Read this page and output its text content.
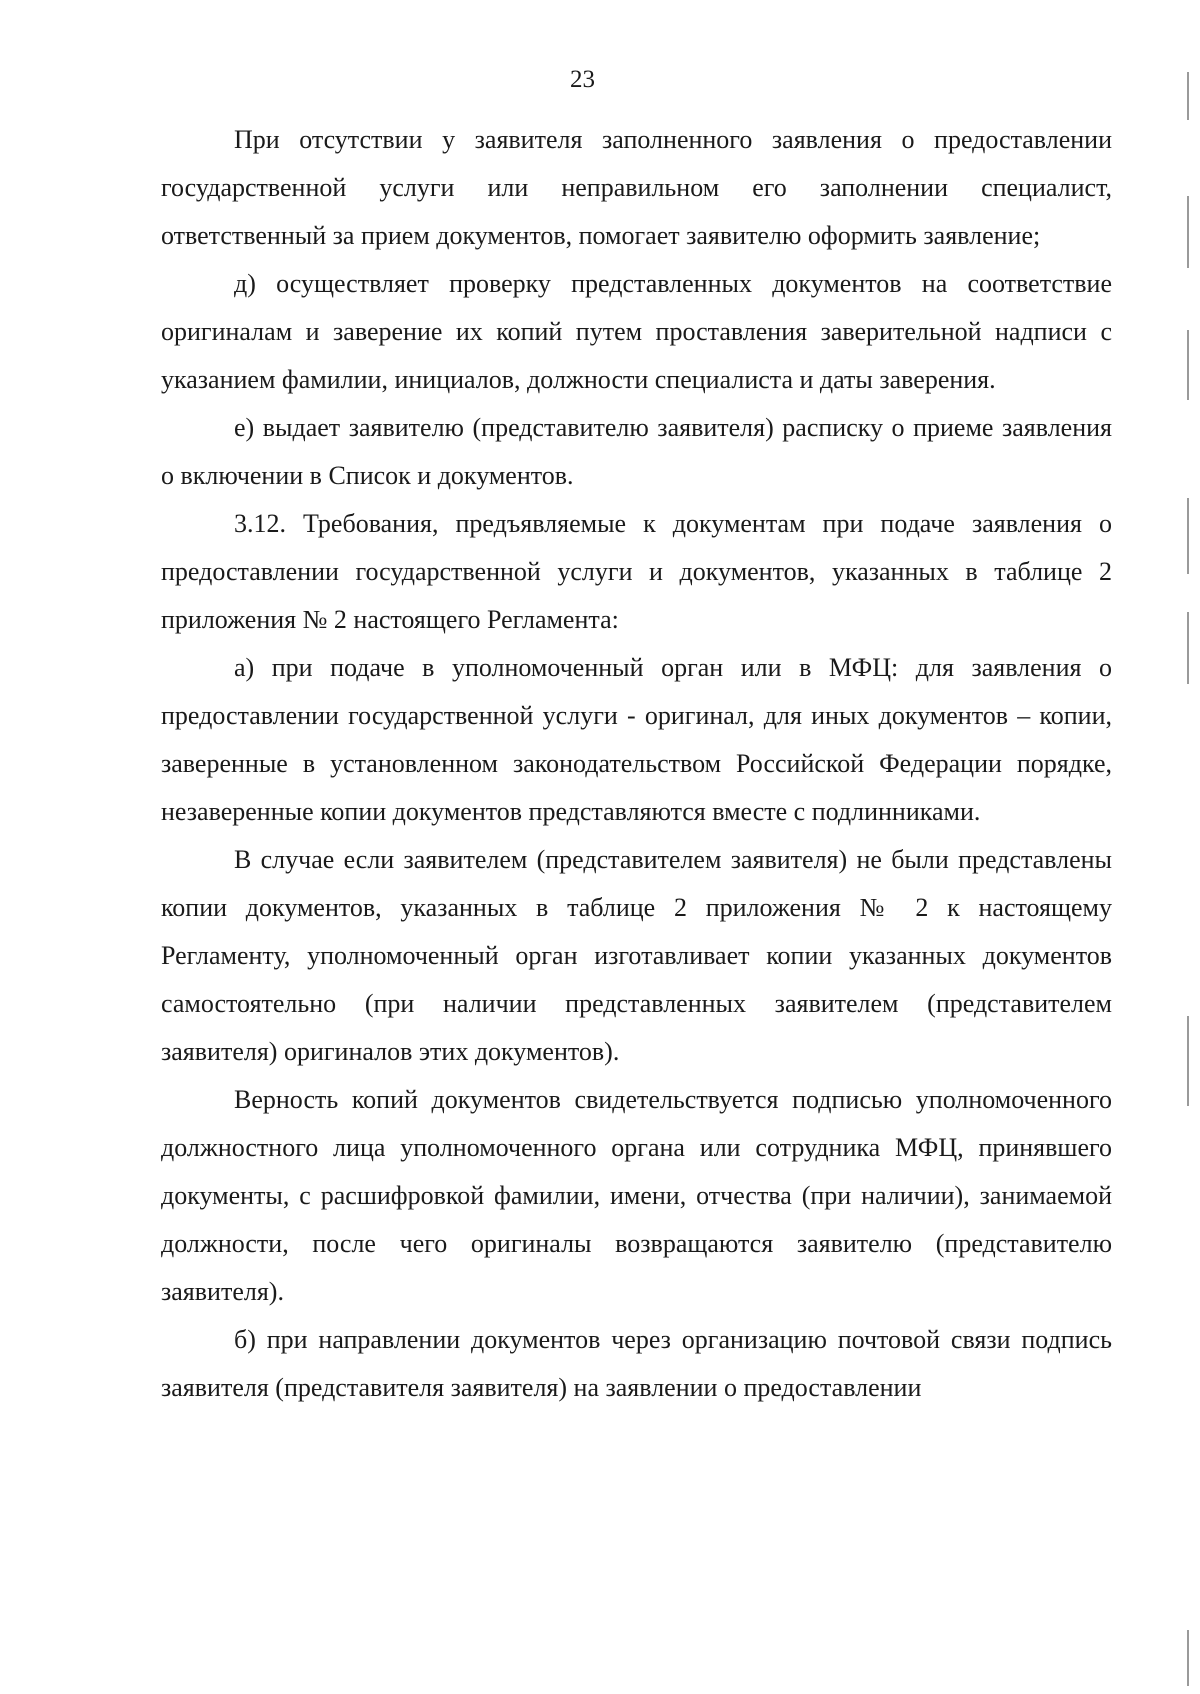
23

При отсутствии у заявителя заполненного заявления о предоставлении государственной услуги или неправильном его заполнении специалист, ответственный за прием документов, помогает заявителю оформить заявление;

д) осуществляет проверку представленных документов на соответствие оригиналам и заверение их копий путем проставления заверительной надписи с указанием фамилии, инициалов, должности специалиста и даты заверения.

е) выдает заявителю (представителю заявителя) расписку о приеме заявления о включении в Список и документов.

3.12. Требования, предъявляемые к документам при подаче заявления о предоставлении государственной услуги и документов, указанных в таблице 2 приложения № 2 настоящего Регламента:

а) при подаче в уполномоченный орган или в МФЦ: для заявления о предоставлении государственной услуги - оригинал, для иных документов – копии, заверенные в установленном законодательством Российской Федерации порядке, незаверенные копии документов представляются вместе с подлинниками.

В случае если заявителем (представителем заявителя) не были представлены копии документов, указанных в таблице 2 приложения № 2 к настоящему Регламенту, уполномоченный орган изготавливает копии указанных документов самостоятельно (при наличии представленных заявителем (представителем заявителя) оригиналов этих документов).

Верность копий документов свидетельствуется подписью уполномоченного должностного лица уполномоченного органа или сотрудника МФЦ, принявшего документы, с расшифровкой фамилии, имени, отчества (при наличии), занимаемой должности, после чего оригиналы возвращаются заявителю (представителю заявителя).

б) при направлении документов через организацию почтовой связи подпись заявителя (представителя заявителя) на заявлении о предоставлении
